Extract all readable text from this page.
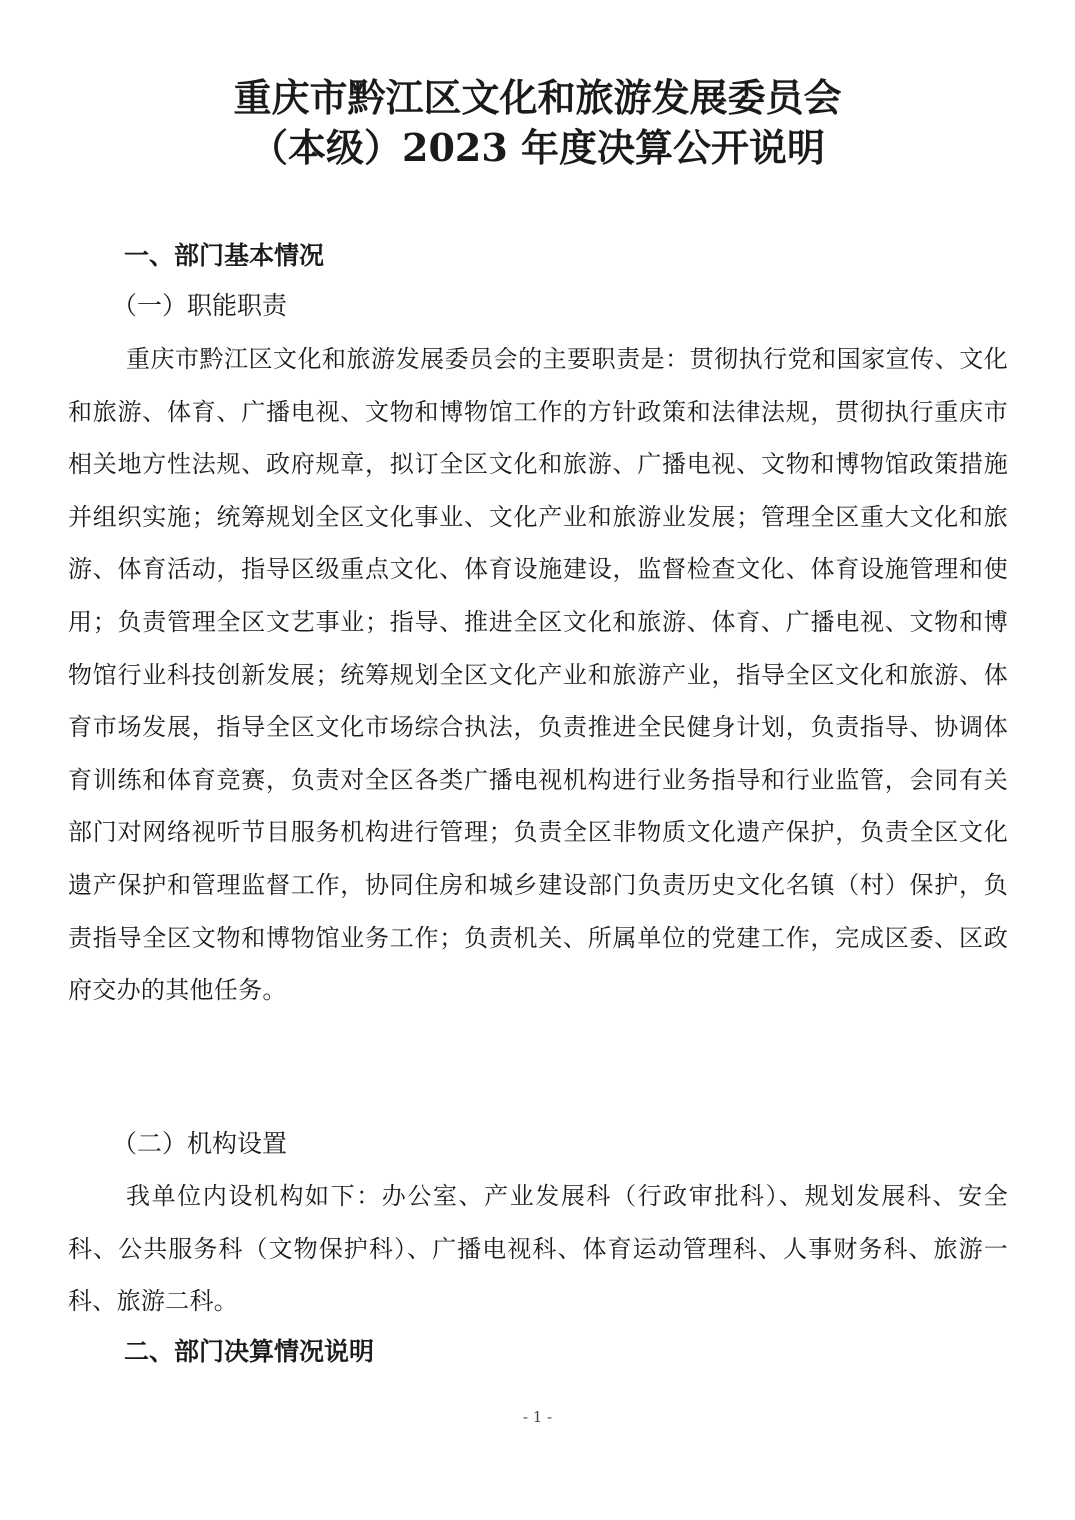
重庆市黔江区文化和旅游发展委员会
（本级）2023 年度决算公开说明
一、部门基本情况
（一）职能职责
重庆市黔江区文化和旅游发展委员会的主要职责是：贯彻执行党和国家宣传、文化和旅游、体育、广播电视、文物和博物馆工作的方针政策和法律法规，贯彻执行重庆市相关地方性法规、政府规章，拟订全区文化和旅游、广播电视、文物和博物馆政策措施并组织实施；统筹规划全区文化事业、文化产业和旅游业发展；管理全区重大文化和旅游、体育活动，指导区级重点文化、体育设施建设，监督检查文化、体育设施管理和使用；负责管理全区文艺事业；指导、推进全区文化和旅游、体育、广播电视、文物和博物馆行业科技创新发展；统筹规划全区文化产业和旅游产业，指导全区文化和旅游、体育市场发展，指导全区文化市场综合执法，负责推进全民健身计划，负责指导、协调体育训练和体育竞赛，负责对全区各类广播电视机构进行业务指导和行业监管，会同有关部门对网络视听节目服务机构进行管理；负责全区非物质文化遗产保护，负责全区文化遗产保护和管理监督工作，协同住房和城乡建设部门负责历史文化名镇（村）保护，负责指导全区文物和博物馆业务工作；负责机关、所属单位的党建工作，完成区委、区政府交办的其他任务。
（二）机构设置
我单位内设机构如下：办公室、产业发展科（行政审批科）、规划发展科、安全科、公共服务科（文物保护科）、广播电视科、体育运动管理科、人事财务科、旅游一科、旅游二科。
二、部门决算情况说明
- 1 -
